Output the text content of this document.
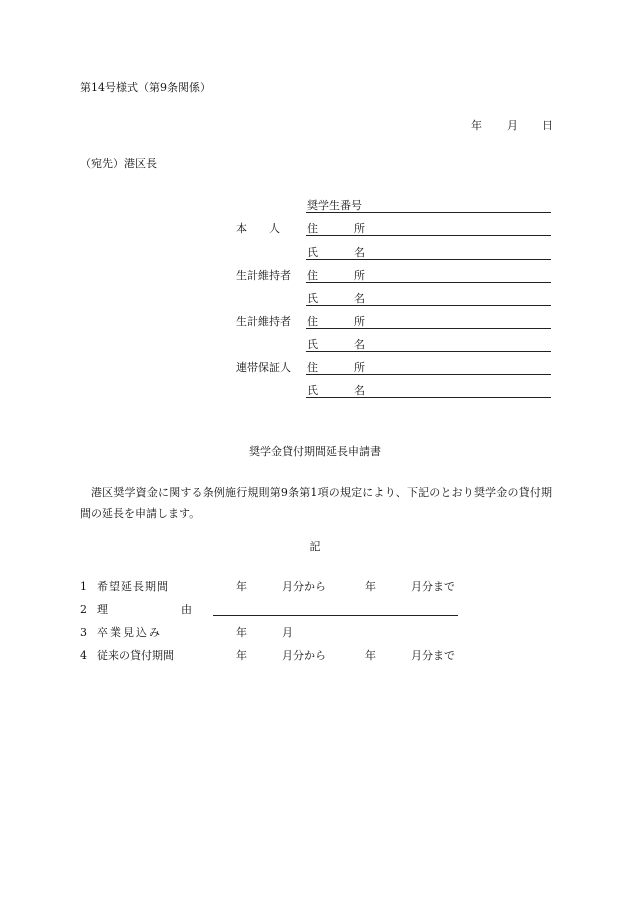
第14号様式（第9条関係）
年 月 日
（宛先）港区長
奨学生番号
本　　人 住	所
氏	名
生計維持者 住	所
氏	名
生計維持者 住	所
氏	名
連帯保証人 住	所
氏	名
奨学金貸付期間延長申請書
港区奨学資金に関する条例施行規則第9条第1項の規定により、下記のとおり奨学金の貸付期間の延長を申請します。
記
1 希望延長期間	年	月分から	年	月分まで
2 理	由
3 卒業見込み	年	月
4 従来の貸付期間	年	月分から	年	月分まで
